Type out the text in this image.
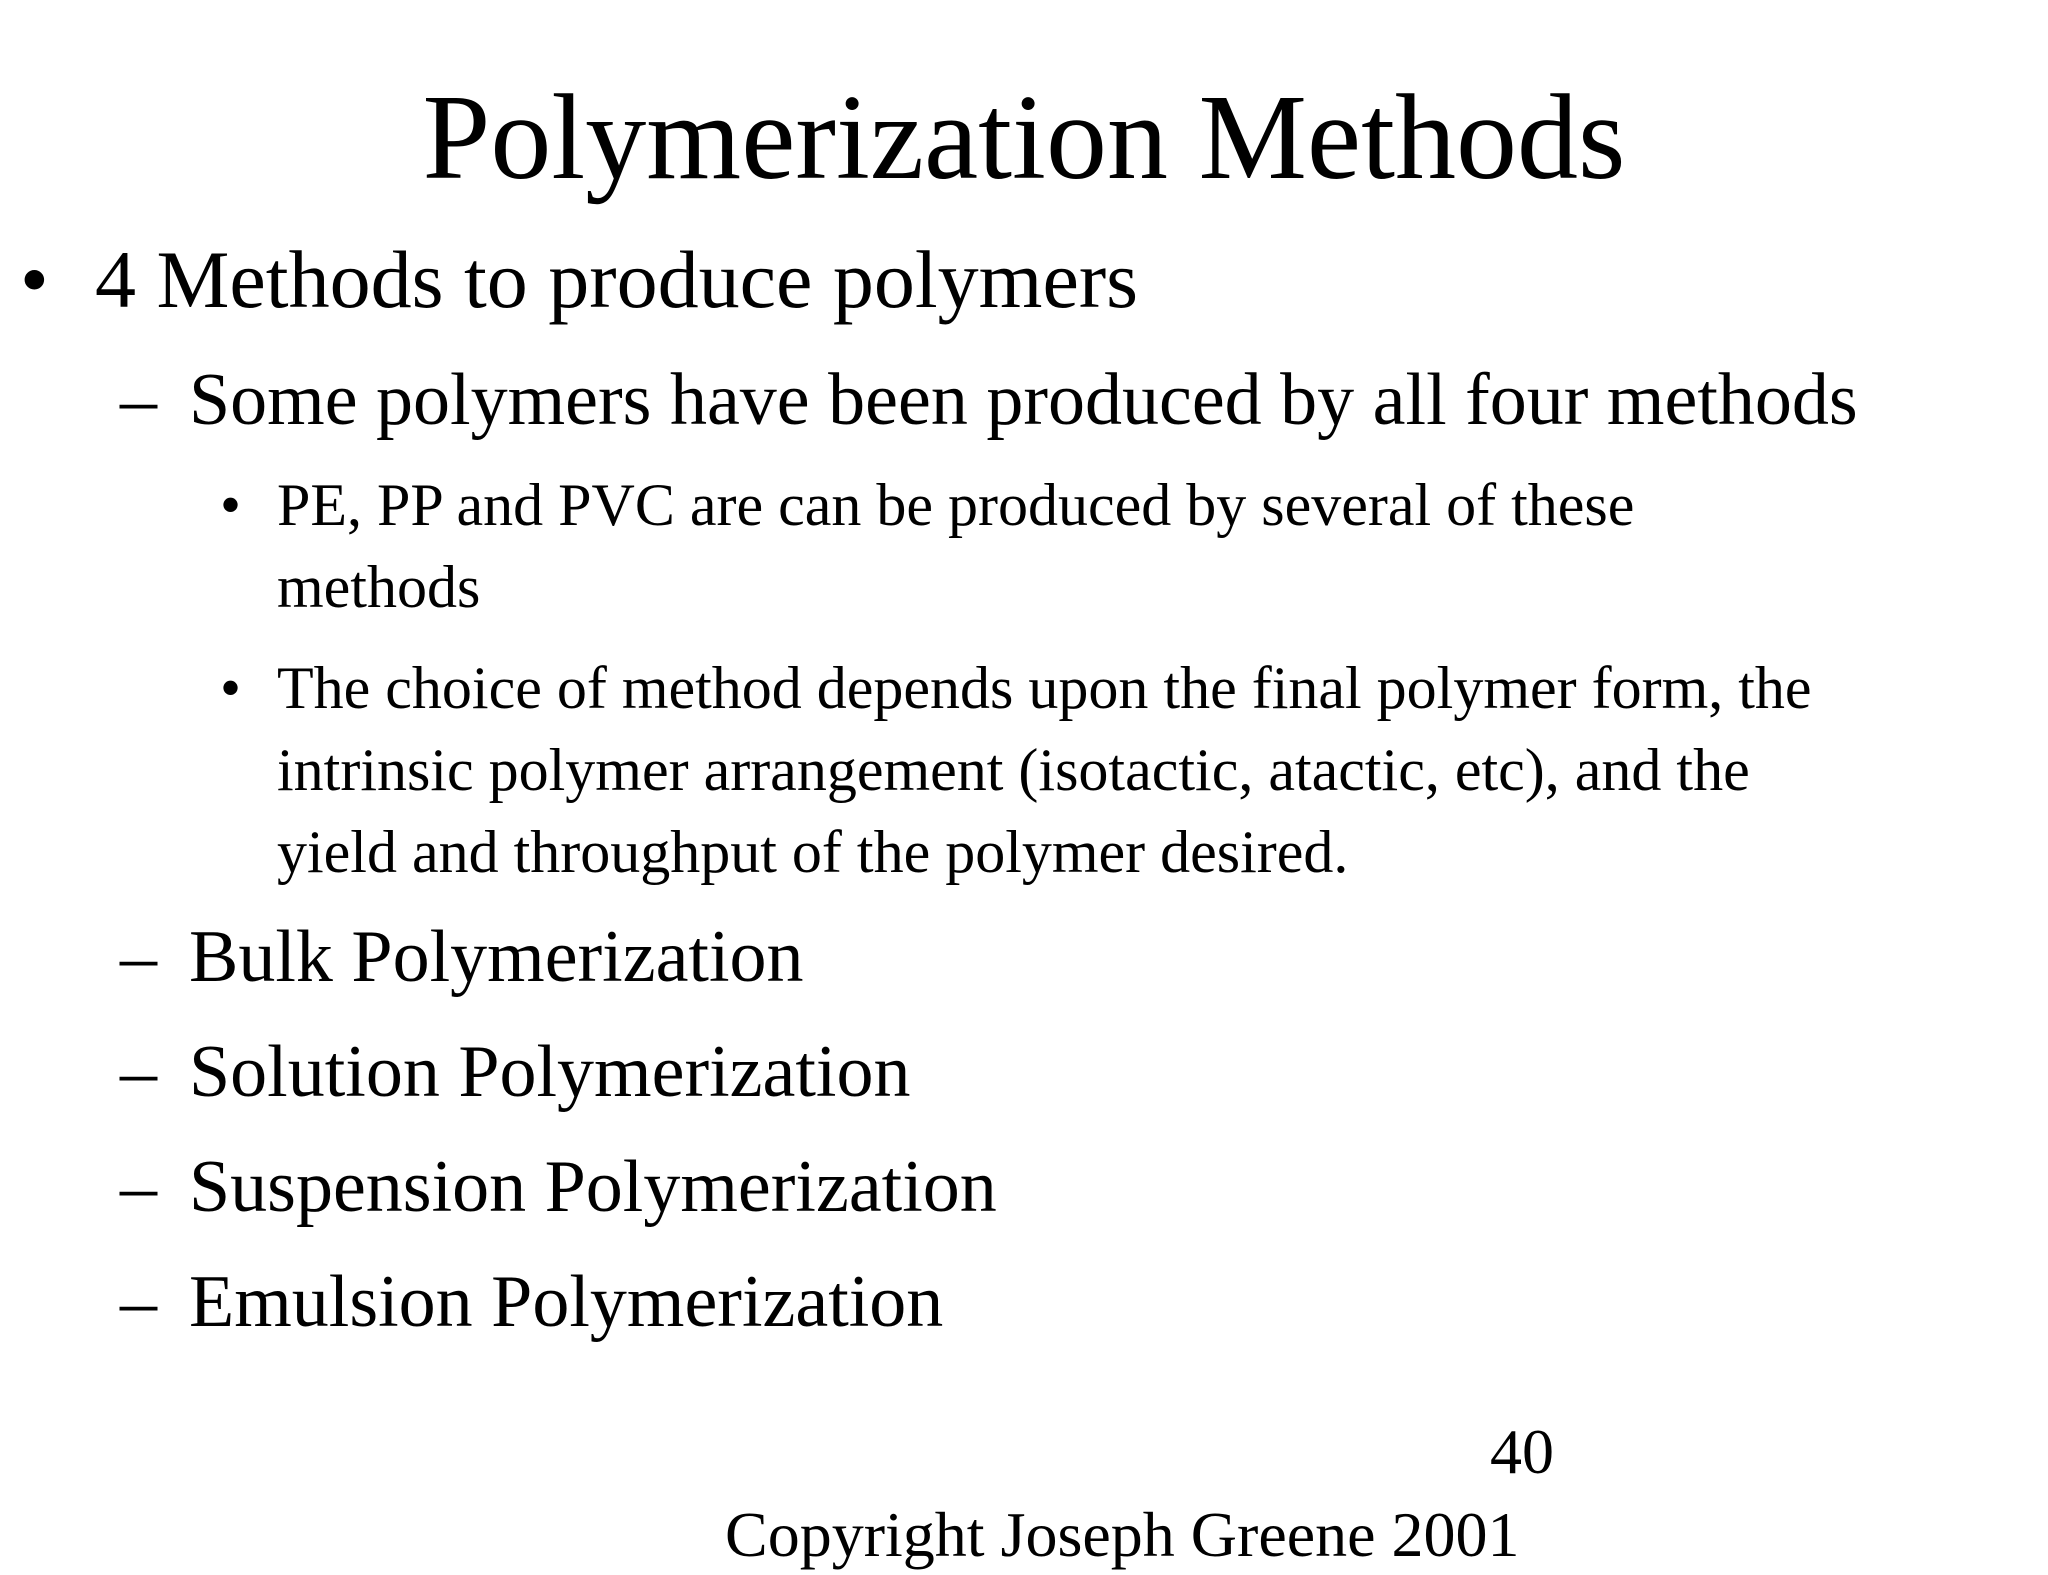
Polymerization Methods
• 4 Methods to produce polymers
– Some polymers have been produced by all four methods
• PE, PP and PVC are can be produced by several of these
methods
• The choice of method depends upon the final polymer form, the
intrinsic polymer arrangement (isotactic, atactic, etc), and the
yield and throughput of the polymer desired.
– Bulk Polymerization
– Solution Polymerization
– Suspension Polymerization
– Emulsion Polymerization
40
Copyright Joseph Greene 2001
